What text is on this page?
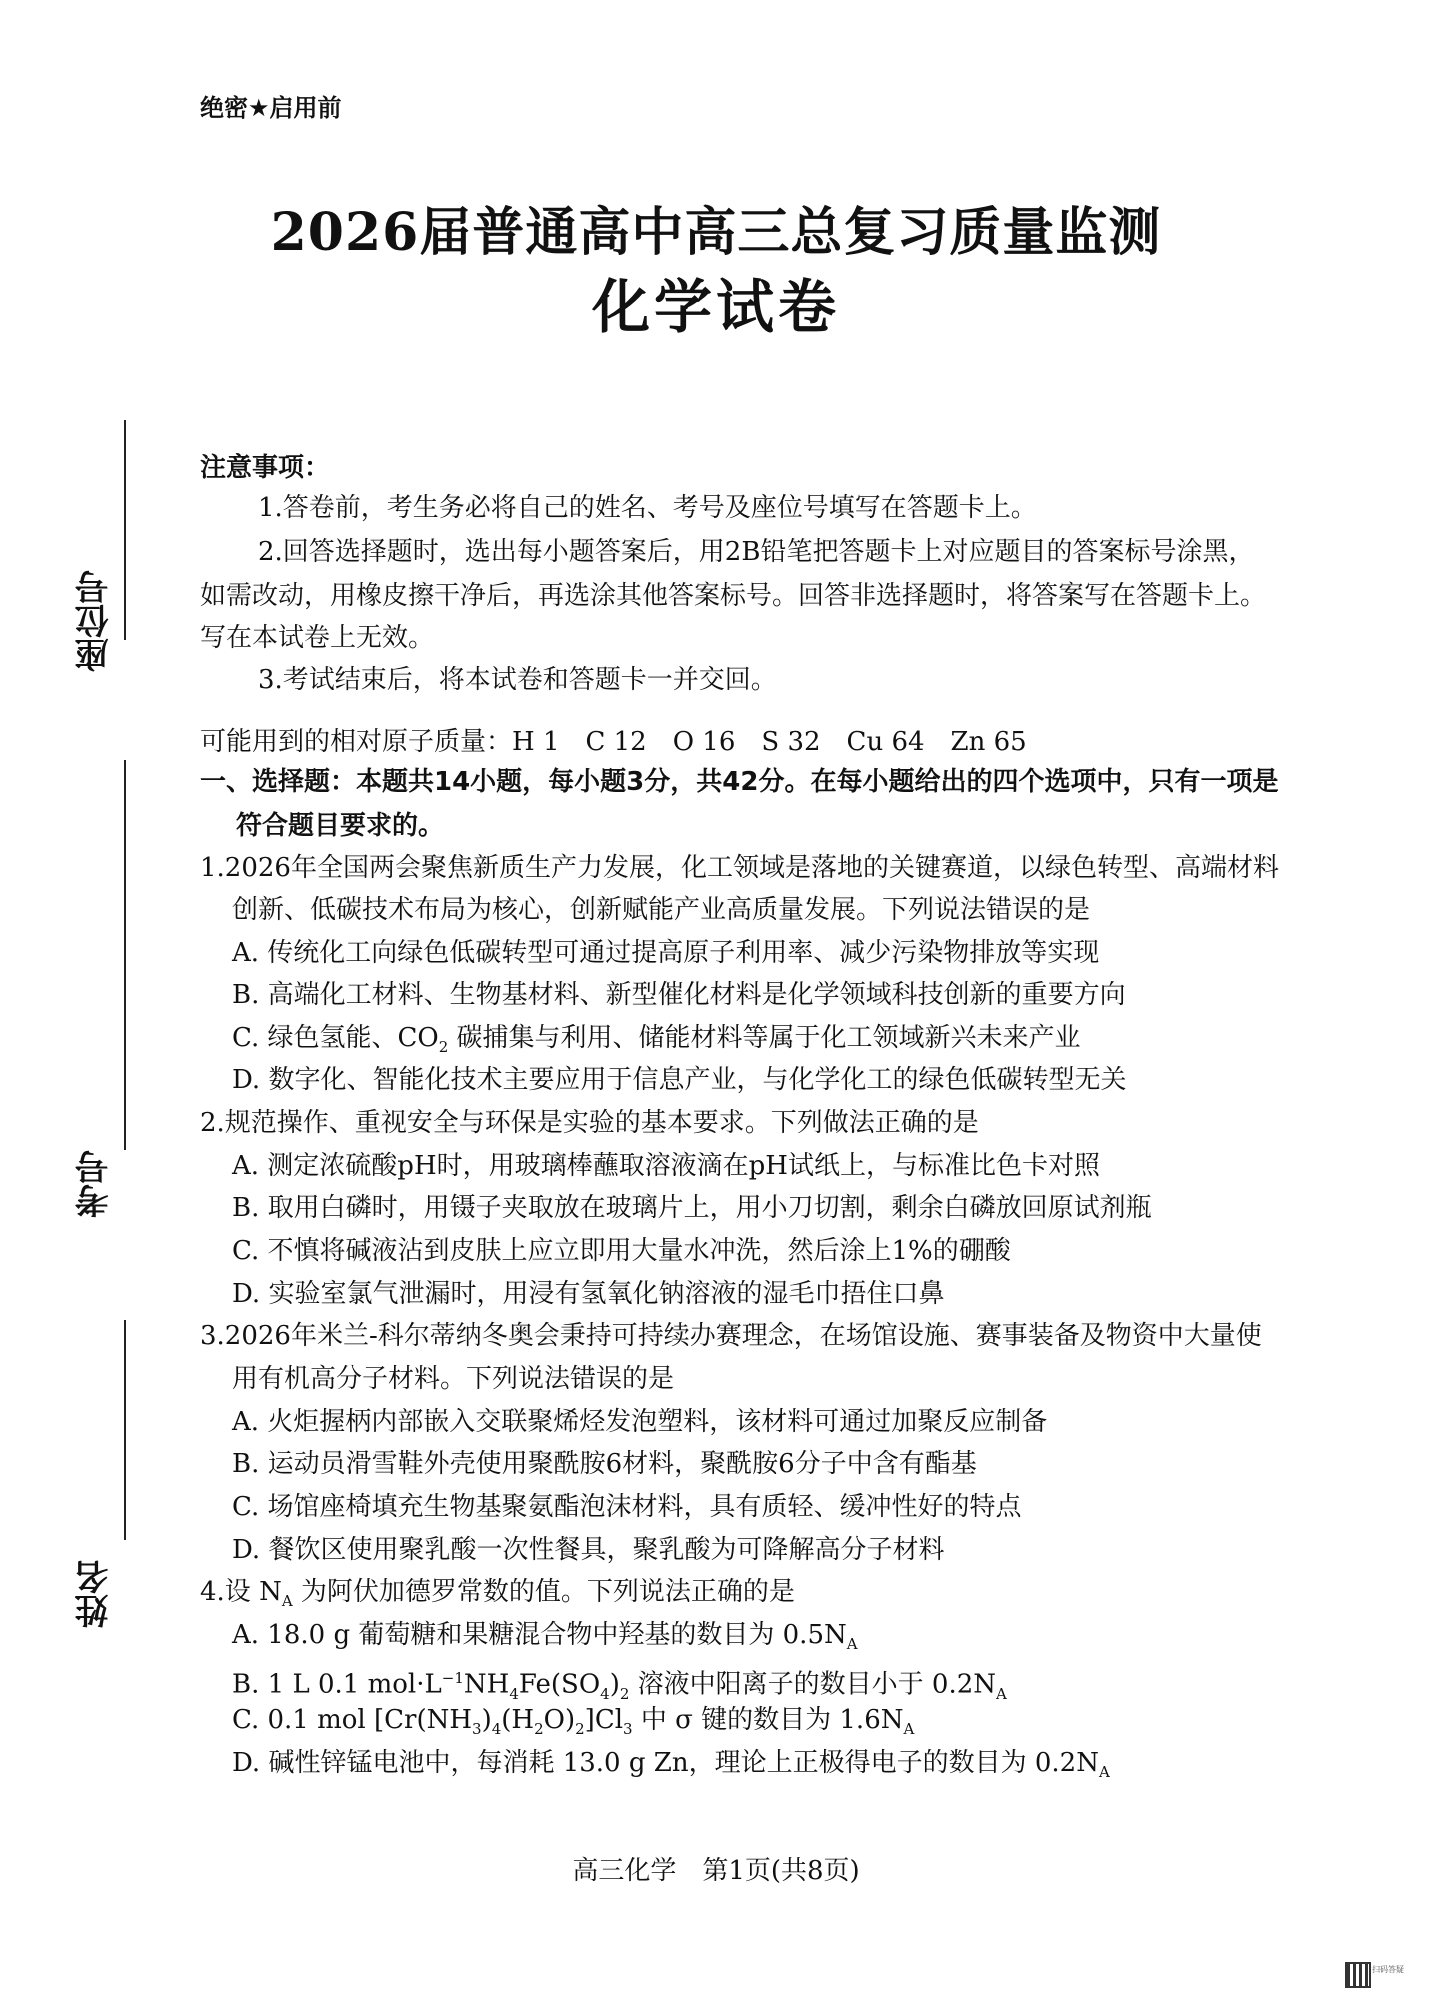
绝密★启用前
2026届普通高中高三总复习质量监测
化学试卷
座位号
考号
姓名
注意事项：
1.答卷前，考生务必将自己的姓名、考号及座位号填写在答题卡上。
2.回答选择题时，选出每小题答案后，用2B铅笔把答题卡上对应题目的答案标号涂黑，
如需改动，用橡皮擦干净后，再选涂其他答案标号。回答非选择题时，将答案写在答题卡上。
写在本试卷上无效。
3.考试结束后，将本试卷和答题卡一并交回。
可能用到的相对原子质量：H 1　C 12　O 16　S 32　Cu 64　Zn 65
一、选择题：本题共14小题，每小题3分，共42分。在每小题给出的四个选项中，只有一项是
符合题目要求的。
1.2026年全国两会聚焦新质生产力发展，化工领域是落地的关键赛道，以绿色转型、高端材料
创新、低碳技术布局为核心，创新赋能产业高质量发展。下列说法错误的是
A. 传统化工向绿色低碳转型可通过提高原子利用率、减少污染物排放等实现
B. 高端化工材料、生物基材料、新型催化材料是化学领域科技创新的重要方向
C. 绿色氢能、$CO_2$ 碳捕集与利用、储能材料等属于化工领域新兴未来产业
D. 数字化、智能化技术主要应用于信息产业，与化学化工的绿色低碳转型无关
2.规范操作、重视安全与环保是实验的基本要求。下列做法正确的是
A. 测定浓硫酸pH时，用玻璃棒蘸取溶液滴在pH试纸上，与标准比色卡对照
B. 取用白磷时，用镊子夹取放在玻璃片上，用小刀切割，剩余白磷放回原试剂瓶
C. 不慎将碱液沾到皮肤上应立即用大量水冲洗，然后涂上1%的硼酸
D. 实验室氯气泄漏时，用浸有氢氧化钠溶液的湿毛巾捂住口鼻
3.2026年米兰-科尔蒂纳冬奥会秉持可持续办赛理念，在场馆设施、赛事装备及物资中大量使
用有机高分子材料。下列说法错误的是
A. 火炬握柄内部嵌入交联聚烯烃发泡塑料，该材料可通过加聚反应制备
B. 运动员滑雪鞋外壳使用聚酰胺6材料，聚酰胺6分子中含有酯基
C. 场馆座椅填充生物基聚氨酯泡沫材料，具有质轻、缓冲性好的特点
D. 餐饮区使用聚乳酸一次性餐具，聚乳酸为可降解高分子材料
4.设 $N_A$ 为阿伏加德罗常数的值。下列说法正确的是
A. 18.0 g 葡萄糖和果糖混合物中羟基的数目为 $0.5N_A$
B. 1 L 0.1 $mol\cdot L^{-1}NH_4Fe(SO_4)_2$ 溶液中阳离子的数目小于 $0.2N_A$
C. 0.1 mol $[Cr(NH_3)_4(H_2O)_2]Cl_3$ 中 σ 键的数目为 $1.6N_A$
D. 碱性锌锰电池中，每消耗 13.0 g Zn，理论上正极得电子的数目为 $0.2N_A$
高三化学　第1页(共8页)
扫码答疑
